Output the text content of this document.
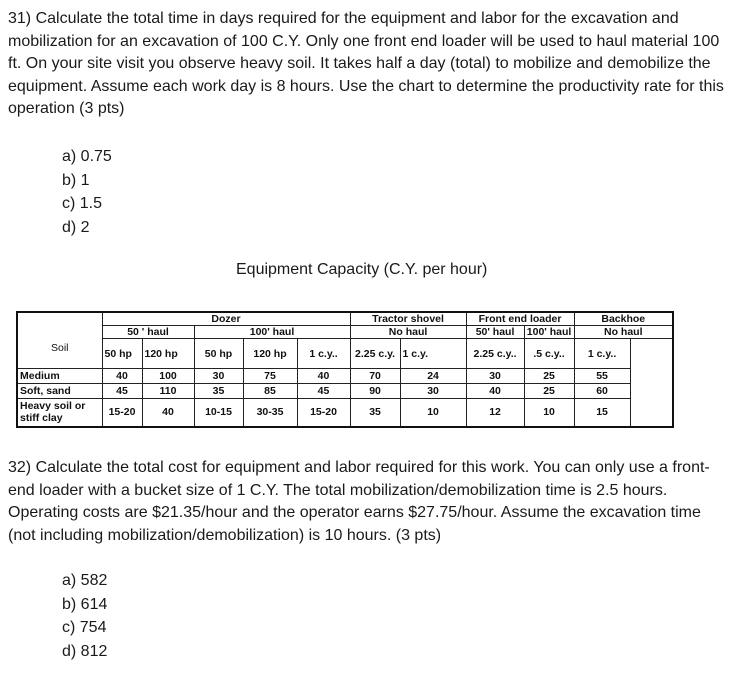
31) Calculate the total time in days required for the equipment and labor for the excavation and mobilization for an excavation of 100 C.Y. Only one front end loader will be used to haul material 100 ft. On your site visit you observe heavy soil. It takes half a day (total) to mobilize and demobilize the equipment. Assume each work day is 8 hours. Use the chart to determine the productivity rate for this operation (3 pts)
a) 0.75
b) 1
c) 1.5
d) 2
Equipment Capacity (C.Y. per hour)
Soil	Dozer					Tractor shovel		Front end loader		Backhoe
	50 ' haul		100' haul			No haul		50' haul	100' haul	No haul
	50 hp	120 hp	50 hp	120 hp	1 c.y..	2.25 c.y.	1 c.y.	2.25 c.y..	.5 c.y..	1 c.y..
Medium	40	100	30	75	40	70	24	30	25	55
Soft, sand	45	110	35	85	45	90	30	40	25	60
Heavy soil or stiff clay	15-20	40	10-15	30-35	15-20	35	10	12	10	15
32) Calculate the total cost for equipment and labor required for this work. You can only use a front-end loader with a bucket size of 1 C.Y. The total mobilization/demobilization time is 2.5 hours. Operating costs are $21.35/hour and the operator earns $27.75/hour. Assume the excavation time (not including mobilization/demobilization) is 10 hours. (3 pts)
a) 582
b) 614
c) 754
d) 812
